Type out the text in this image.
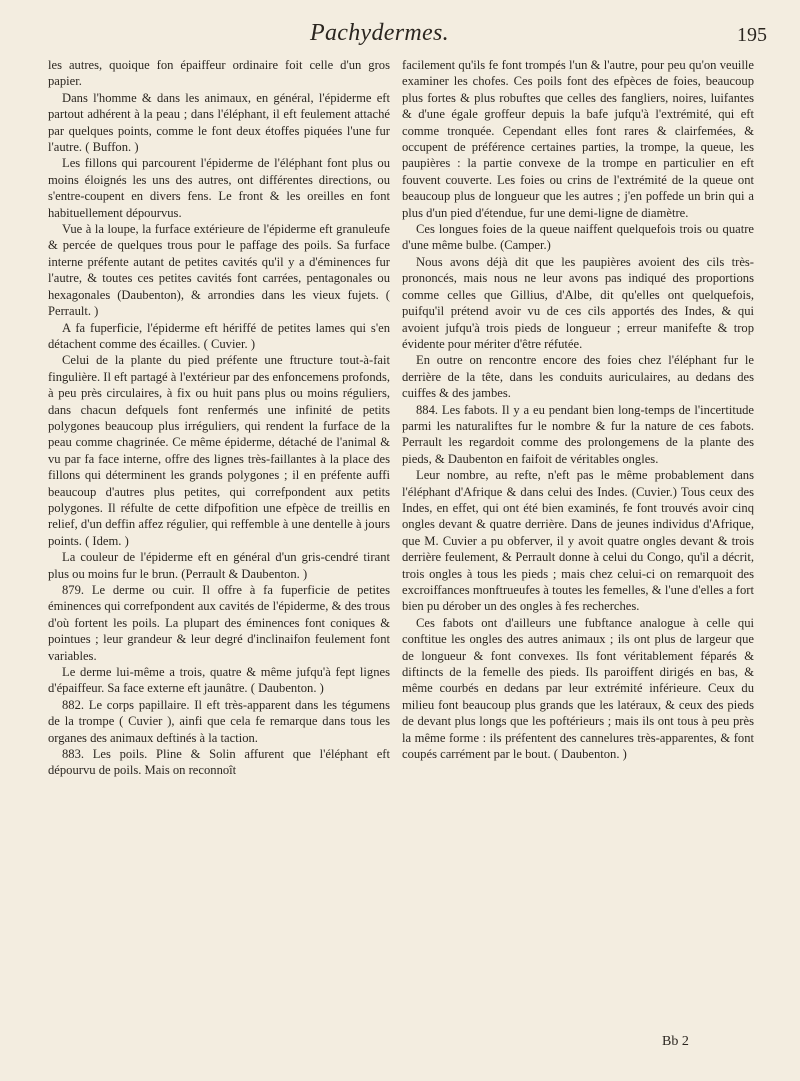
Pachydermes.	195

les autres, quoique fon épaiffeur ordinaire foit celle d'un gros papier.

Dans l'homme & dans les animaux, en général, l'épiderme eft partout adhérent à la peau ; dans l'éléphant, il eft feulement attaché par quelques points, comme le font deux étoffes piquées l'une fur l'autre. ( Buffon. )

Les fillons qui parcourent l'épiderme de l'éléphant font plus ou moins éloignés les uns des autres, ont différentes directions, ou s'entre-coupent en divers fens. Le front & les oreilles en font habituellement dépourvus.

Vue à la loupe, la furface extérieure de l'épiderme eft granuleufe & percée de quelques trous pour le paffage des poils. Sa furface interne préfente autant de petites cavités qu'il y a d'éminences fur l'autre, & toutes ces petites cavités font carrées, pentagonales ou hexagonales (Daubenton), & arrondies dans les vieux fujets. ( Perrault. )

A fa fuperficie, l'épiderme eft hériffé de petites lames qui s'en détachent comme des écailles. ( Cuvier. )

Celui de la plante du pied préfente une ftructure tout-à-fait fingulière. Il eft partagé à l'extérieur par des enfoncemens profonds, à peu près circulaires, à fix ou huit pans plus ou moins réguliers, dans chacun defquels font renfermés une infinité de petits polygones beaucoup plus irréguliers, qui rendent la furface de la peau comme chagrinée. Ce même épiderme, détaché de l'animal & vu par fa face interne, offre des lignes très-faillantes à la place des fillons qui déterminent les grands polygones ; il en préfente auffi beaucoup d'autres plus petites, qui correfpondent aux petits polygones. Il réfulte de cette difpofition une efpèce de treillis en relief, d'un deffin affez régulier, qui reffemble à une dentelle à jours points. ( Idem. )

La couleur de l'épiderme eft en général d'un gris-cendré tirant plus ou moins fur le brun. (Perrault & Daubenton. )

879. Le derme ou cuir. Il offre à fa fuperficie de petites éminences qui correfpondent aux cavités de l'épiderme, & des trous d'où fortent les poils. La plupart des éminences font coniques & pointues ; leur grandeur & leur degré d'inclinaifon feulement font variables.

Le derme lui-même a trois, quatre & même jufqu'à fept lignes d'épaiffeur. Sa face externe eft jaunâtre. ( Daubenton. )

882. Le corps papillaire. Il eft très-apparent dans les tégumens de la trompe ( Cuvier ), ainfi que cela fe remarque dans tous les organes des animaux deftinés à la taction.

883. Les poils. Pline & Solin affurent que l'éléphant eft dépourvu de poils. Mais on reconnoît

facilement qu'ils fe font trompés l'un & l'autre, pour peu qu'on veuille examiner les chofes. Ces poils font des efpèces de foies, beaucoup plus fortes & plus robuftes que celles des fangliers, noires, luifantes & d'une égale groffeur depuis la bafe jufqu'à l'extrémité, qui eft comme tronquée. Cependant elles font rares & clairfemées, & occupent de préférence certaines parties, la trompe, la queue, les paupières : la partie convexe de la trompe en particulier en eft fouvent couverte. Les foies ou crins de l'extrémité de la queue ont beaucoup plus de longueur que les autres ; j'en poffede un brin qui a plus d'un pied d'étendue, fur une demi-ligne de diamètre.

Ces longues foies de la queue naiffent quelquefois trois ou quatre d'une même bulbe. (Camper.)

Nous avons déjà dit que les paupières avoient des cils très-prononcés, mais nous ne leur avons pas indiqué des proportions comme celles que Gillius, d'Albe, dit qu'elles ont quelquefois, puifqu'il prétend avoir vu de ces cils apportés des Indes, & qui avoient jufqu'à trois pieds de longueur ; erreur manifefte & trop évidente pour mériter d'être réfutée.

En outre on rencontre encore des foies chez l'éléphant fur le derrière de la tête, dans les conduits auriculaires, au dedans des cuiffes & des jambes.

884. Les fabots. Il y a eu pendant bien long-temps de l'incertitude parmi les naturaliftes fur le nombre & fur la nature de ces fabots. Perrault les regardoit comme des prolongemens de la plante des pieds, & Daubenton en faifoit de véritables ongles.

Leur nombre, au refte, n'eft pas le même probablement dans l'éléphant d'Afrique & dans celui des Indes. (Cuvier.) Tous ceux des Indes, en effet, qui ont été bien examinés, fe font trouvés avoir cinq ongles devant & quatre derrière. Dans de jeunes individus d'Afrique, que M. Cuvier a pu obferver, il y avoit quatre ongles devant & trois derrière feulement, & Perrault donne à celui du Congo, qu'il a décrit, trois ongles à tous les pieds ; mais chez celui-ci on remarquoit des excroiffances monftrueufes à toutes les femelles, & l'une d'elles a fort bien pu dérober un des ongles à fes recherches.

Ces fabots ont d'ailleurs une fubftance analogue à celle qui conftitue les ongles des autres animaux ; ils ont plus de largeur que de longueur & font convexes. Ils font véritablement féparés & diftincts de la femelle des pieds. Ils paroiffent dirigés en bas, & même courbés en dedans par leur extrémité inférieure. Ceux du milieu font beaucoup plus grands que les latéraux, & ceux des pieds de devant plus longs que les poftérieurs ; mais ils ont tous à peu près la même forme : ils préfentent des cannelures très-apparentes, & font coupés carrément par le bout. ( Daubenton. )

Bb 2
